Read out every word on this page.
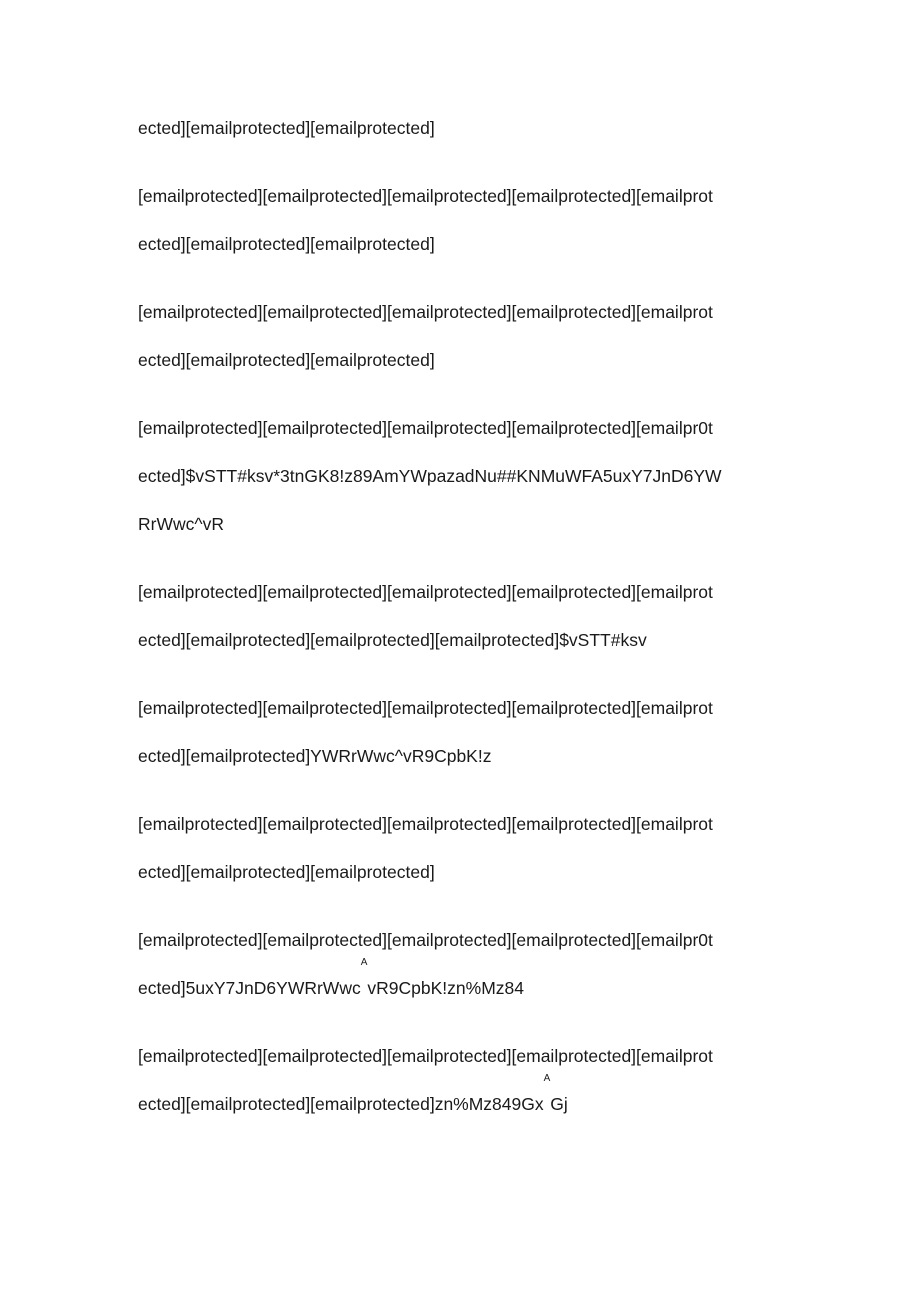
ected][emailprotected][emailprotected]
[emailprotected][emailprotected][emailprotected][emailprotected][emailprot
ected][emailprotected][emailprotected]
[emailprotected][emailprotected][emailprotected][emailprotected][emailprot
ected][emailprotected][emailprotected]
[emailprotected][emailprotected][emailprotected][emailprotected][emailpr0t
ected]$vSTT#ksv*3tnGK8!z89AmYWpazadNu##KNMuWFA5uxY7JnD6YW
RrWwc^vR
[emailprotected][emailprotected][emailprotected][emailprotected][emailprot
ected][emailprotected][emailprotected][emailprotected]$vSTT#ksv
[emailprotected][emailprotected][emailprotected][emailprotected][emailprot
ected][emailprotected]YWRrWwc^vR9CpbK!z
[emailprotected][emailprotected][emailprotected][emailprotected][emailprot
ected][emailprotected][emailprotected]
[emailprotected][emailprotected][emailprotected][emailprotected][emailpr0t
ected]5uxY7JnD6YWRrWwc$^A$vR9CpbK!zn%Mz84
[emailprotected][emailprotected][emailprotected][emailprotected][emailprot
$ected][emailprotected][emailprotected]zn\%Mz849Gx^AGj$
